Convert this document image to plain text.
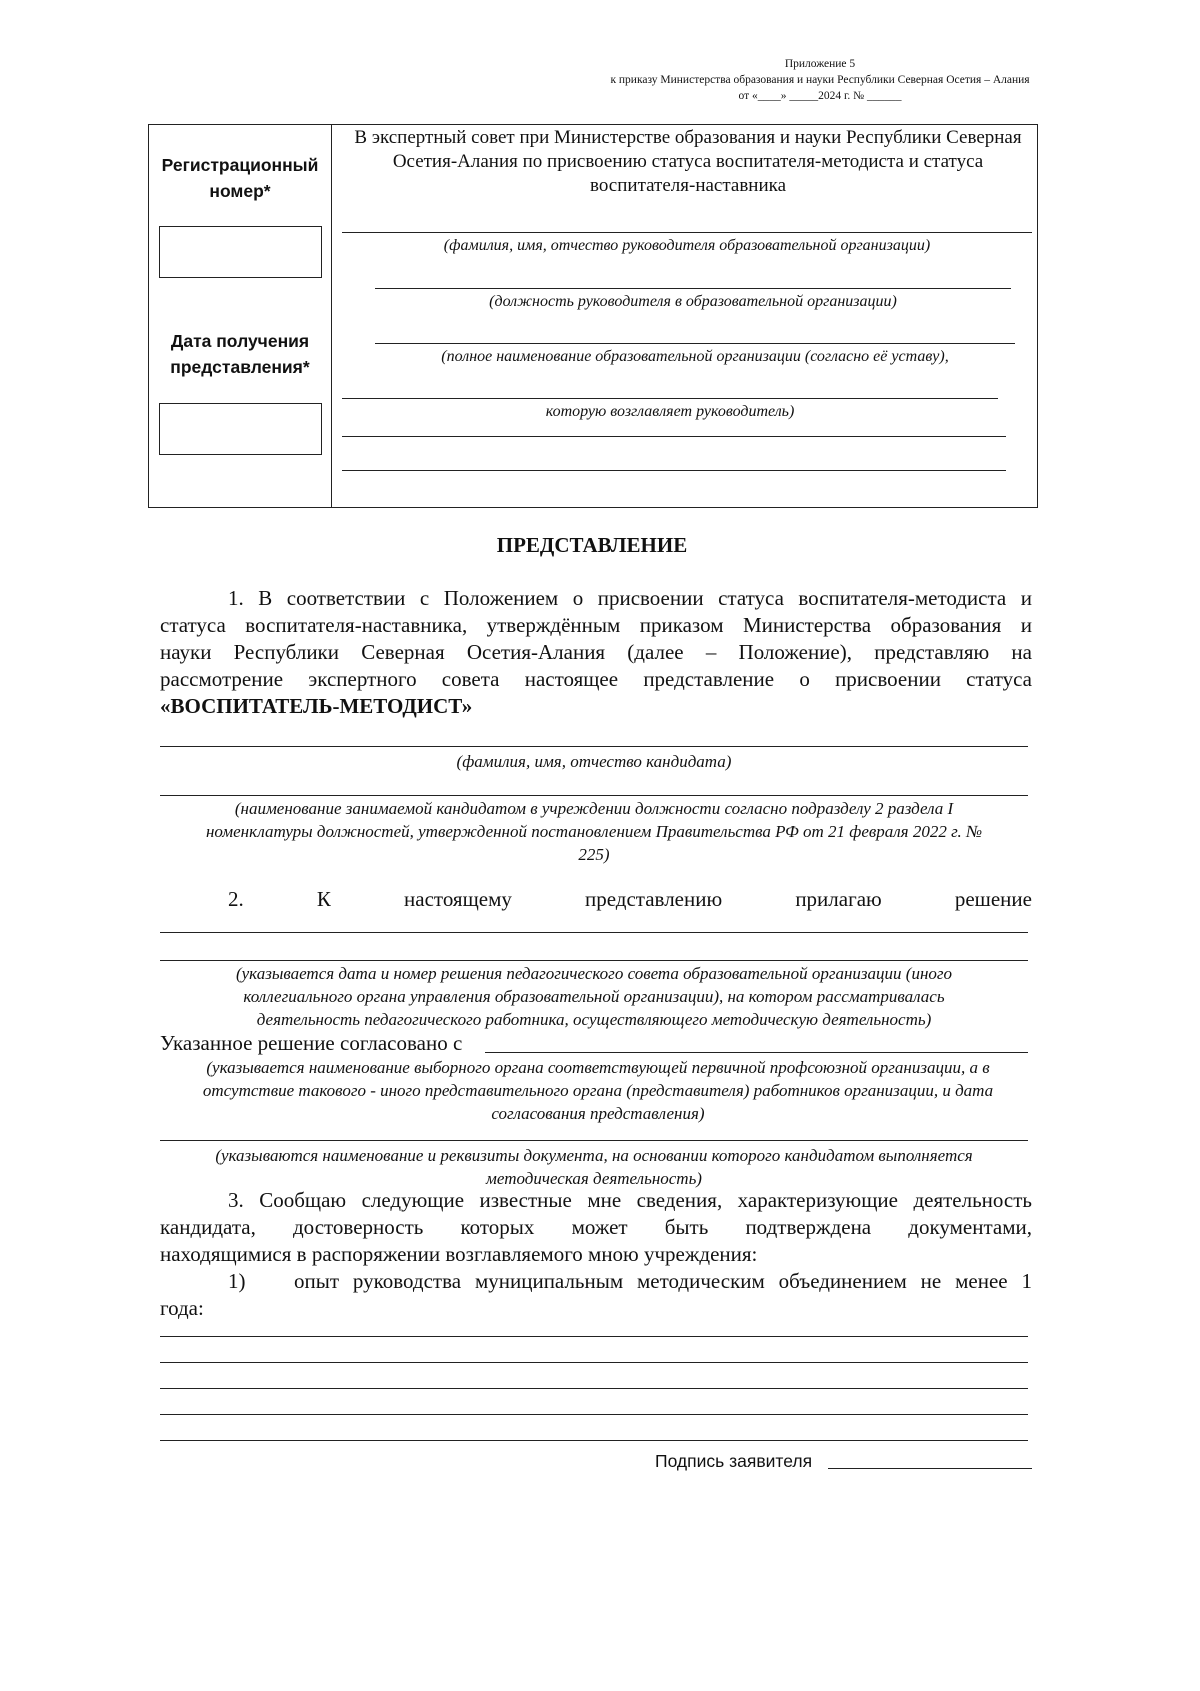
Приложение 5
к приказу Министерства образования и науки Республики Северная Осетия – Алания
от «____» _____2024 г. № ______
Регистрационный
номер*
Дата получения
представления*
В экспертный совет при Министерстве образования и науки Республики Северная Осетия-Алания по присвоению статуса воспитателя-методиста и статуса воспитателя-наставника
(фамилия, имя, отчество руководителя образовательной организации)
(должность руководителя в образовательной организации)
(полное наименование образовательной организации (согласно её уставу),
которую возглавляет руководитель)
ПРЕДСТАВЛЕНИЕ
1. В соответствии с Положением о присвоении статуса воспитателя-методиста и
статуса воспитателя-наставника, утверждённым приказом Министерства образования и
науки Республики Северная Осетия-Алания (далее – Положение), представляю на
рассмотрение экспертного совета настоящее представление о присвоении статуса
«ВОСПИТАТЕЛЬ-МЕТОДИСТ»
(фамилия, имя, отчество кандидата)
(наименование занимаемой кандидатом в учреждении должности согласно подразделу 2 раздела I
номенклатуры должностей, утвержденной постановлением Правительства РФ от 21 февраля 2022 г. №
225)
2.	К	настоящему	представлению	прилагаю	решение
(указывается дата и номер решения педагогического совета образовательной организации (иного
коллегиального органа управления образовательной организации), на котором рассматривалась
деятельность педагогического работника, осуществляющего методическую деятельность)
Указанное решение согласовано с
(указывается наименование выборного органа соответствующей первичной профсоюзной организации, а в
отсутствие такового - иного представительного органа (представителя) работников организации, и дата
согласования представления)
(указываются наименование и реквизиты документа, на основании которого кандидатом выполняется
методическая деятельность)
3. Сообщаю следующие известные мне сведения, характеризующие деятельность
кандидата, достоверность которых может быть подтверждена документами,
находящимися в распоряжении возглавляемого мною учреждения:
1) опыт руководства муниципальным методическим объединением не менее 1
года:
Подпись заявителя
